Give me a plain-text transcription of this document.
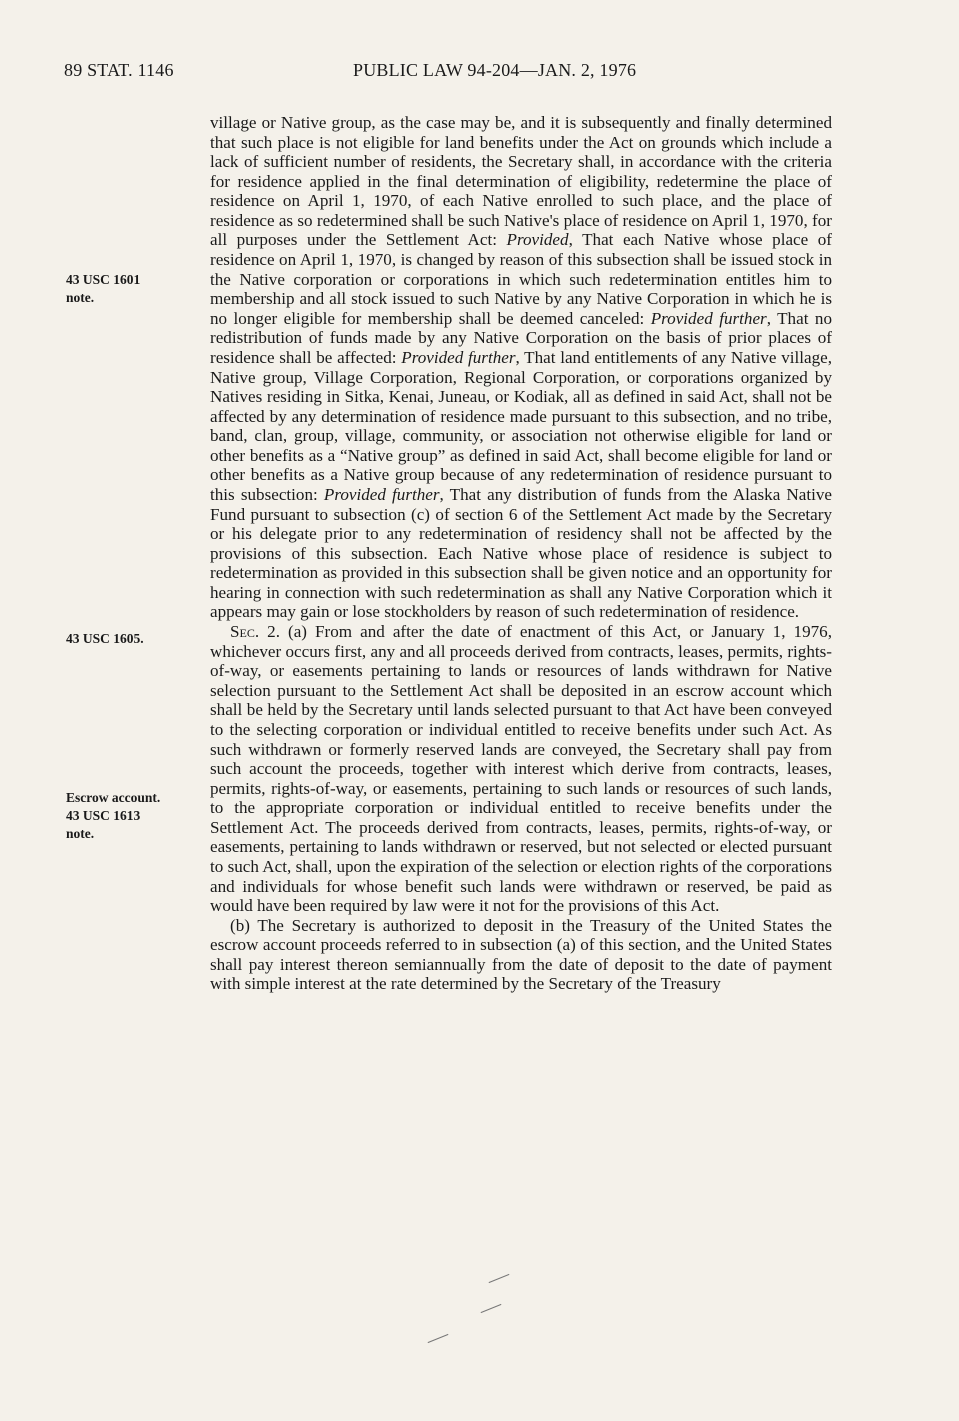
89 STAT. 1146	PUBLIC LAW 94-204—JAN. 2, 1976
43 USC 1601
note.
43 USC 1605.
Escrow account.
43 USC 1613
note.

village or Native group, as the case may be, and it is subsequently and finally determined that such place is not eligible for land benefits under the Act on grounds which include a lack of sufficient number of residents, the Secretary shall, in accordance with the criteria for residence applied in the final determination of eligibility, redetermine the place of residence on April 1, 1970, of each Native enrolled to such place, and the place of residence as so redetermined shall be such Native's place of residence on April 1, 1970, for all purposes under the Settlement Act: Provided, That each Native whose place of residence on April 1, 1970, is changed by reason of this subsection shall be issued stock in the Native corporation or corporations in which such redetermination entitles him to membership and all stock issued to such Native by any Native Corporation in which he is no longer eligible for membership shall be deemed canceled: Provided further, That no redistribution of funds made by any Native Corporation on the basis of prior places of residence shall be affected: Provided further, That land entitlements of any Native village, Native group, Village Corporation, Regional Corporation, or corporations organized by Natives residing in Sitka, Kenai, Juneau, or Kodiak, all as defined in said Act, shall not be affected by any determination of residence made pursuant to this subsection, and no tribe, band, clan, group, village, community, or association not otherwise eligible for land or other benefits as a “Native group” as defined in said Act, shall become eligible for land or other benefits as a Native group because of any redetermination of residence pursuant to this subsection: Provided further, That any distribution of funds from the Alaska Native Fund pursuant to subsection (c) of section 6 of the Settlement Act made by the Secretary or his delegate prior to any redetermination of residency shall not be affected by the provisions of this subsection. Each Native whose place of residence is subject to redetermination as provided in this subsection shall be given notice and an opportunity for hearing in connection with such redetermination as shall any Native Corporation which it appears may gain or lose stockholders by reason of such redetermination of residence.

Sec. 2. (a) From and after the date of enactment of this Act, or January 1, 1976, whichever occurs first, any and all proceeds derived from contracts, leases, permits, rights-of-way, or easements pertaining to lands or resources of lands withdrawn for Native selection pursuant to the Settlement Act shall be deposited in an escrow account which shall be held by the Secretary until lands selected pursuant to that Act have been conveyed to the selecting corporation or individual entitled to receive benefits under such Act. As such withdrawn or formerly reserved lands are conveyed, the Secretary shall pay from such account the proceeds, together with interest which derive from contracts, leases, permits, rights-of-way, or easements, pertaining to such lands or resources of such lands, to the appropriate corporation or individual entitled to receive benefits under the Settlement Act. The proceeds derived from contracts, leases, permits, rights-of-way, or easements, pertaining to lands withdrawn or reserved, but not selected or elected pursuant to such Act, shall, upon the expiration of the selection or election rights of the corporations and individuals for whose benefit such lands were withdrawn or reserved, be paid as would have been required by law were it not for the provisions of this Act.

(b) The Secretary is authorized to deposit in the Treasury of the United States the escrow account proceeds referred to in subsection (a) of this section, and the United States shall pay interest thereon semiannually from the date of deposit to the date of payment with simple interest at the rate determined by the Secretary of the Treasury
